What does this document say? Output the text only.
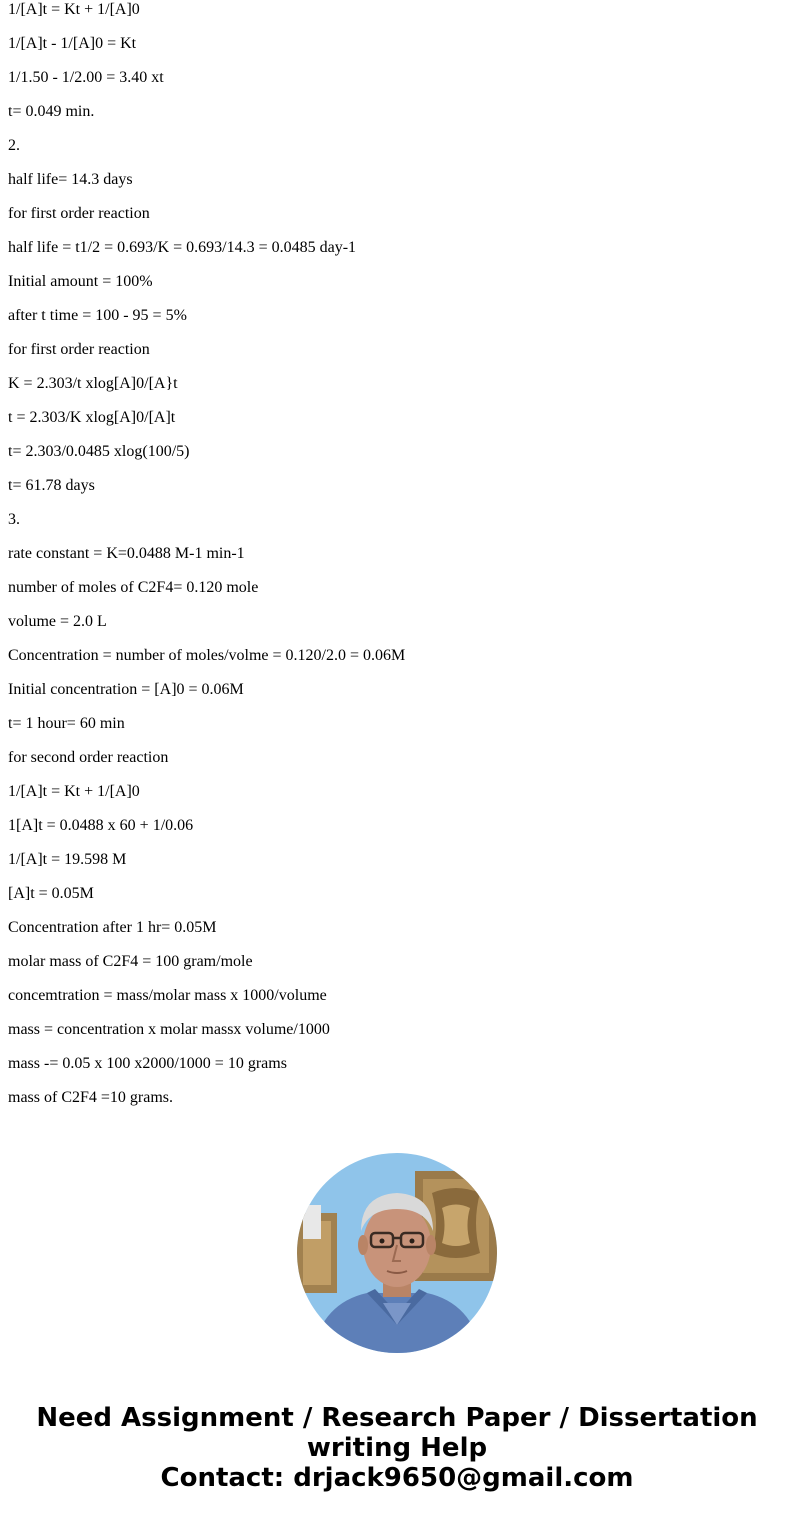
1/[A]t = Kt + 1/[A]0

1/[A]t - 1/[A]0 = Kt

1/1.50 - 1/2.00 = 3.40 xt

t= 0.049 min.

2.

half life= 14.3 days

for first order reaction

half life = t1/2 = 0.693/K = 0.693/14.3 = 0.0485 day-1

Initial amount = 100%

after t time = 100 - 95 = 5%

for first order reaction

K = 2.303/t xlog[A]0/[A}t

t = 2.303/K xlog[A]0/[A]t

t= 2.303/0.0485 xlog(100/5)

t= 61.78 days

3.

rate constant = K=0.0488 M-1 min-1

number of moles of C2F4= 0.120 mole

volume = 2.0 L

Concentration = number of moles/volme = 0.120/2.0 = 0.06M

Initial concentration = [A]0 = 0.06M

t= 1 hour= 60 min

for second order reaction

1/[A]t = Kt + 1/[A]0

1[A]t = 0.0488 x 60 + 1/0.06

1/[A]t = 19.598 M

[A]t = 0.05M

Concentration after 1 hr= 0.05M

molar mass of C2F4 = 100 gram/mole

concemtration = mass/molar mass x 1000/volume

mass = concentration x molar massx volume/1000

mass -= 0.05 x 100 x2000/1000 = 10 grams

mass of C2F4 =10 grams.

Need Assignment / Research Paper / Dissertation
writing Help
Contact: drjack9650@gmail.com
